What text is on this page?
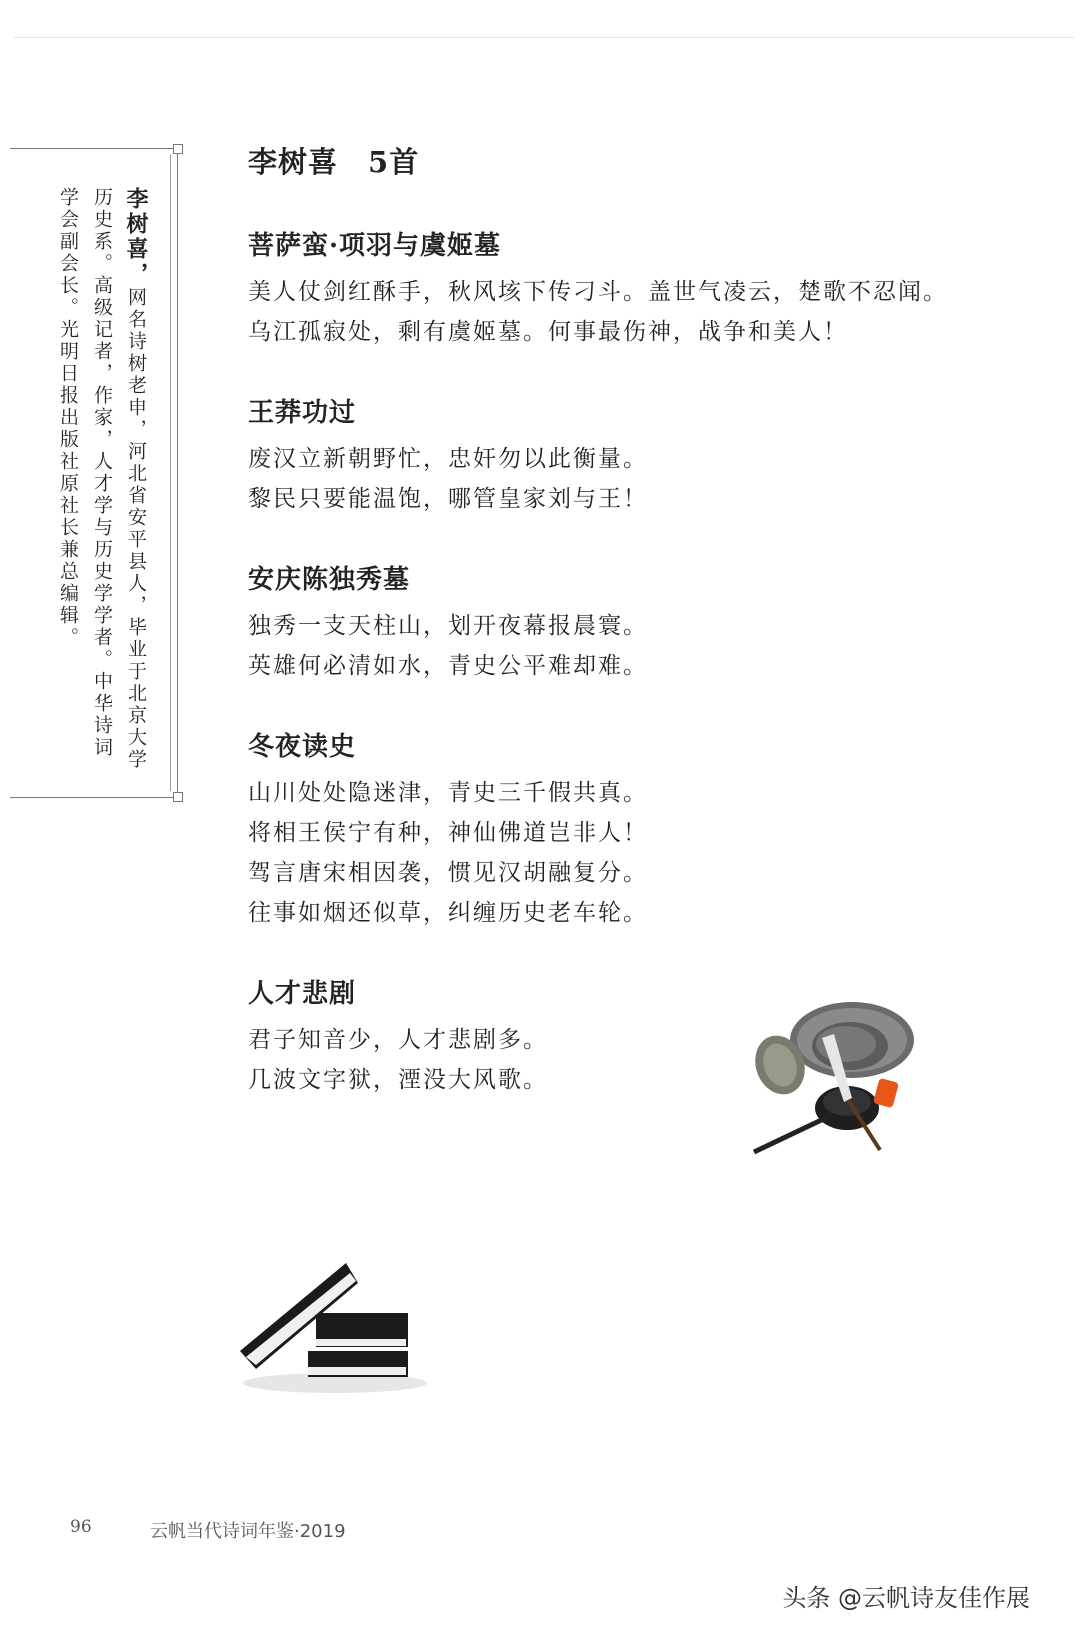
李树喜，网名诗树老申，河北省安平县人，毕业于北京大学历史系。高级记者，作家，人才学与历史学学者。中华诗词学会副会长。光明日报出版社原社长兼总编辑。
李树喜 5首
菩萨蛮·项羽与虞姬墓
美人仗剑红酥手，秋风垓下传刁斗。盖世气凌云，楚歌不忍闻。
乌江孤寂处，剩有虞姬墓。何事最伤神，战争和美人！
王莽功过
废汉立新朝野忙，忠奸勿以此衡量。
黎民只要能温饱，哪管皇家刘与王！
安庆陈独秀墓
独秀一支天柱山，划开夜幕报晨寰。
英雄何必清如水，青史公平难却难。
冬夜读史
山川处处隐迷津，青史三千假共真。
将相王侯宁有种，神仙佛道岂非人！
驾言唐宋相因袭，惯见汉胡融复分。
往事如烟还似草，纠缠历史老车轮。
人才悲剧
君子知音少，人才悲剧多。
几波文字狱，湮没大风歌。
96	云帆当代诗词年鉴·2019
头条 @云帆诗友佳作展
